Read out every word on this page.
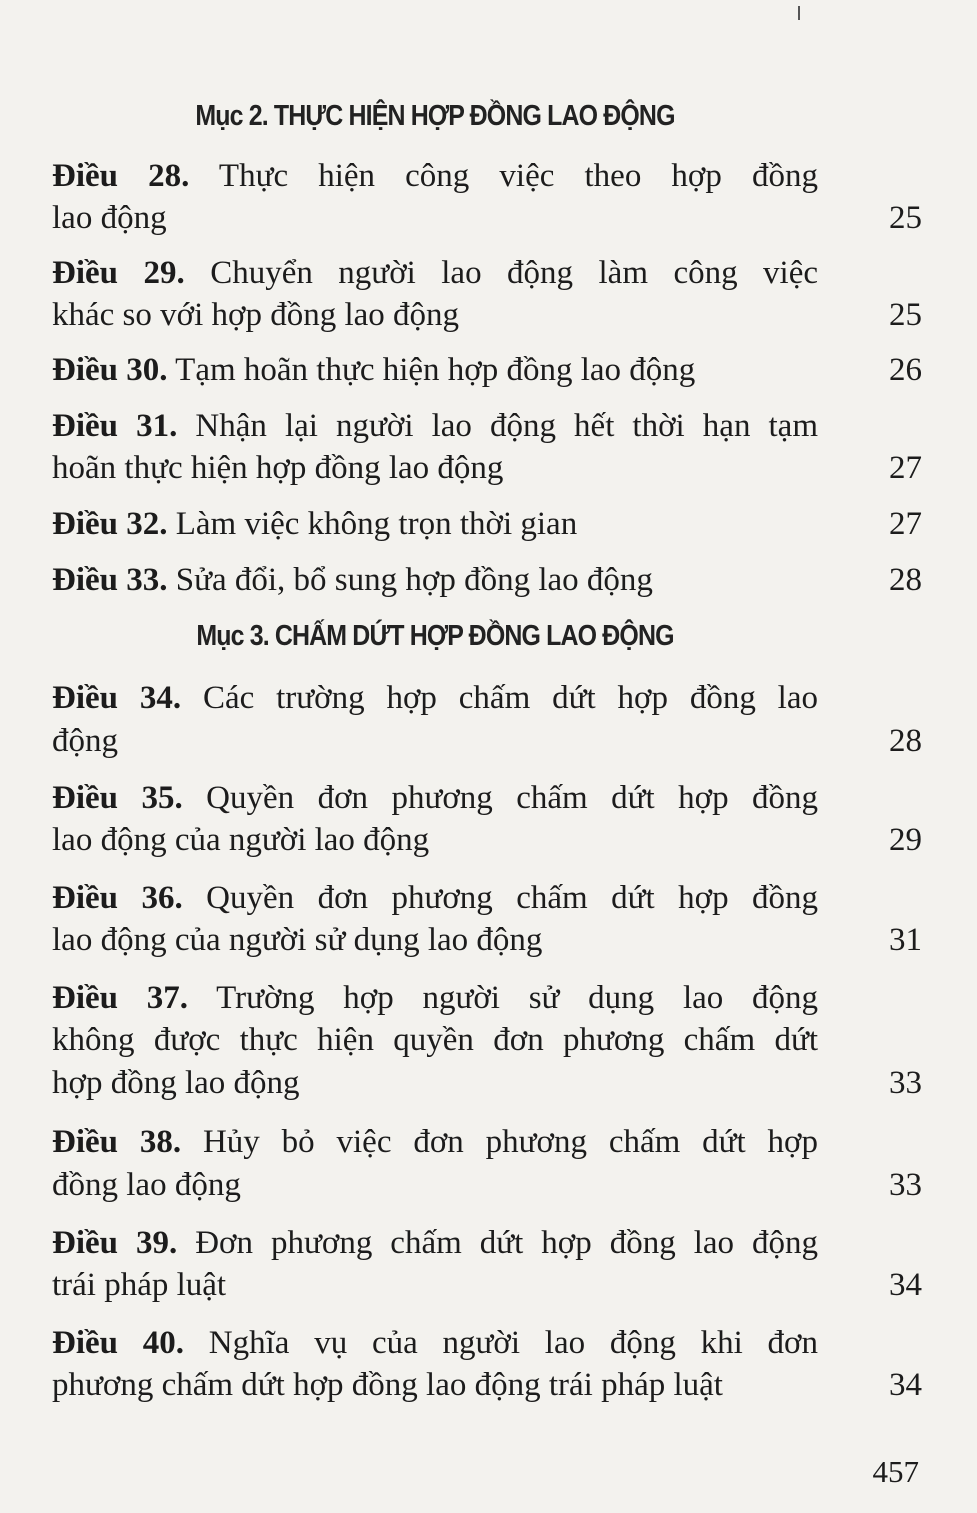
Mục 2. THỰC HIỆN HỢP ĐỒNG LAO ĐỘNG
Điều 28. Thực hiện công việc theo hợp đồng
lao động	25
Điều 29. Chuyển người lao động làm công việc
khác so với hợp đồng lao động	25
Điều 30. Tạm hoãn thực hiện hợp đồng lao động	26
Điều 31. Nhận lại người lao động hết thời hạn tạm
hoãn thực hiện hợp đồng lao động	27
Điều 32. Làm việc không trọn thời gian	27
Điều 33. Sửa đổi, bổ sung hợp đồng lao động	28
Mục 3. CHẤM DỨT HỢP ĐỒNG LAO ĐỘNG
Điều 34. Các trường hợp chấm dứt hợp đồng lao
động	28
Điều 35. Quyền đơn phương chấm dứt hợp đồng
lao động của người lao động	29
Điều 36. Quyền đơn phương chấm dứt hợp đồng
lao động của người sử dụng lao động	31
Điều 37. Trường hợp người sử dụng lao động
không được thực hiện quyền đơn phương chấm dứt
hợp đồng lao động	33
Điều 38. Hủy bỏ việc đơn phương chấm dứt hợp
đồng lao động	33
Điều 39. Đơn phương chấm dứt hợp đồng lao động
trái pháp luật	34
Điều 40. Nghĩa vụ của người lao động khi đơn
phương chấm dứt hợp đồng lao động trái pháp luật	34
457
